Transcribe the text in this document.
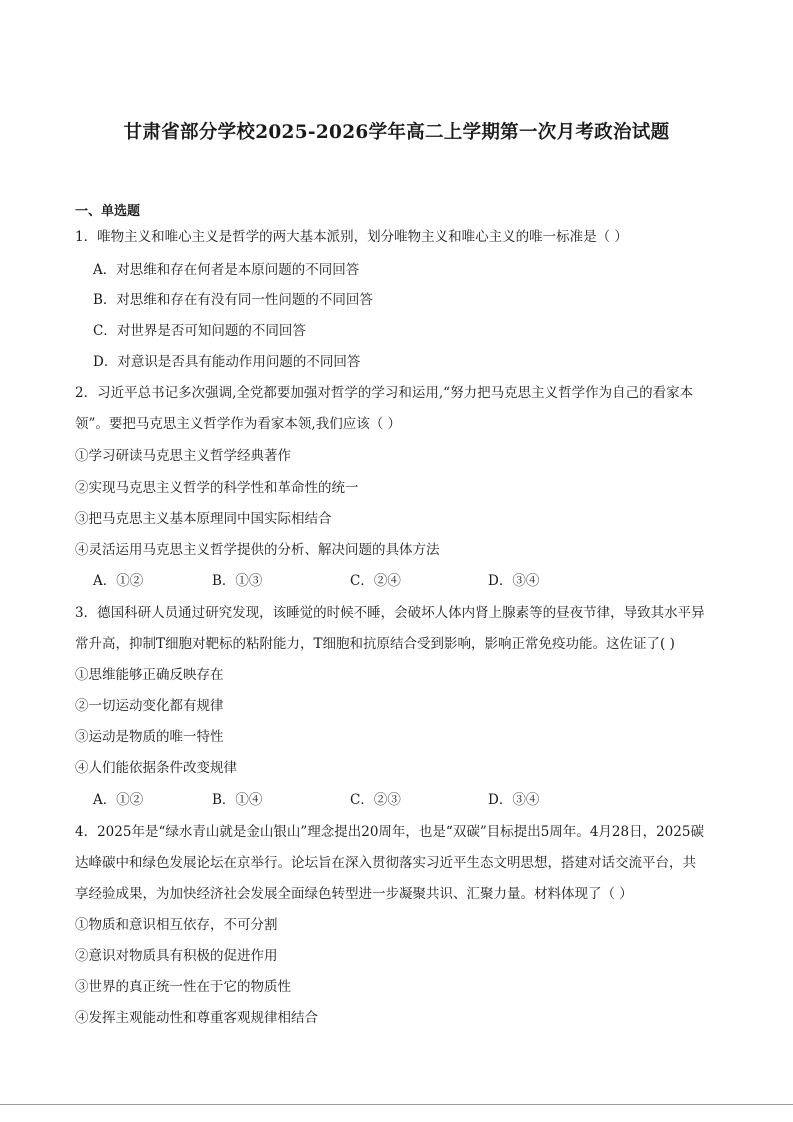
甘肃省部分学校2025-2026学年高二上学期第一次月考政治试题
一、单选题
1．唯物主义和唯心主义是哲学的两大基本派别，划分唯物主义和唯心主义的唯一标准是（ ）
A．对思维和存在何者是本原问题的不同回答
B．对思维和存在有没有同一性问题的不同回答
C．对世界是否可知问题的不同回答
D．对意识是否具有能动作用问题的不同回答
2．习近平总书记多次强调,全党都要加强对哲学的学习和运用,“努力把马克思主义哲学作为自己的看家本
领”。要把马克思主义哲学作为看家本领,我们应该（ ）
①学习研读马克思主义哲学经典著作
②实现马克思主义哲学的科学性和革命性的统一
③把马克思主义基本原理同中国实际相结合
④灵活运用马克思主义哲学提供的分析、解决问题的具体方法
A．①②	B．①③	C．②④	D．③④
3．德国科研人员通过研究发现，该睡觉的时候不睡，会破坏人体内肾上腺素等的昼夜节律，导致其水平异
常升高，抑制T细胞对靶标的粘附能力，T细胞和抗原结合受到影响，影响正常免疫功能。这佐证了( )
①思维能够正确反映存在
②一切运动变化都有规律
③运动是物质的唯一特性
④人们能依据条件改变规律
A．①②	B．①④	C．②③	D．③④
4．2025年是“绿水青山就是金山银山”理念提出20周年，也是“双碳”目标提出5周年。4月28日，2025碳
达峰碳中和绿色发展论坛在京举行。论坛旨在深入贯彻落实习近平生态文明思想，搭建对话交流平台，共
享经验成果，为加快经济社会发展全面绿色转型进一步凝聚共识、汇聚力量。材料体现了（ ）
①物质和意识相互依存，不可分割
②意识对物质具有积极的促进作用
③世界的真正统一性在于它的物质性
④发挥主观能动性和尊重客观规律相结合
